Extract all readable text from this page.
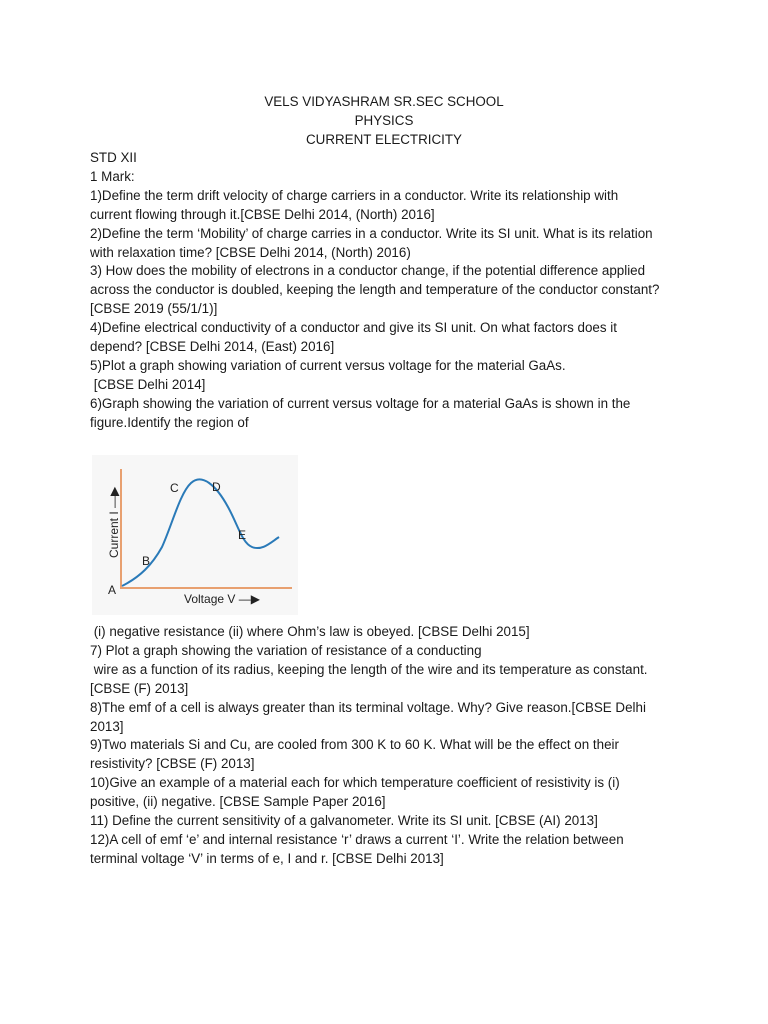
VELS VIDYASHRAM SR.SEC SCHOOL
PHYSICS
CURRENT ELECTRICITY
STD XII
1 Mark:
1)Define the term drift velocity of charge carriers in a conductor. Write its relationship with
current flowing through it.[CBSE Delhi 2014, (North) 2016]
2)Define the term ‘Mobility’ of charge carries in a conductor. Write its SI unit. What is its relation
with relaxation time? [CBSE Delhi 2014, (North) 2016)
3) How does the mobility of electrons in a conductor change, if the potential difference applied
across the conductor is doubled, keeping the length and temperature of the conductor constant?
[CBSE 2019 (55/1/1)]
4)Define electrical conductivity of a conductor and give its SI unit. On what factors does it
depend? [CBSE Delhi 2014, (East) 2016]
5)Plot a graph showing variation of current versus voltage for the material GaAs.
[CBSE Delhi 2014]
6)Graph showing the variation of current versus voltage for a material GaAs is shown in the
figure.Identify the region of
A
B
C	D
E
Voltage V —▶
Current I —▶
(i) negative resistance (ii) where Ohm’s law is obeyed. [CBSE Delhi 2015]
7) Plot a graph showing the variation of resistance of a conducting
wire as a function of its radius, keeping the length of the wire and its temperature as constant.
[CBSE (F) 2013]
8)The emf of a cell is always greater than its terminal voltage. Why? Give reason.[CBSE Delhi
2013]
9)Two materials Si and Cu, are cooled from 300 K to 60 K. What will be the effect on their
resistivity? [CBSE (F) 2013]
10)Give an example of a material each for which temperature coefficient of resistivity is (i)
positive, (ii) negative. [CBSE Sample Paper 2016]
11) Define the current sensitivity of a galvanometer. Write its SI unit. [CBSE (AI) 2013]
12)A cell of emf ‘e’ and internal resistance ‘r’ draws a current ‘I’. Write the relation between
terminal voltage ‘V’ in terms of e, I and r. [CBSE Delhi 2013]
